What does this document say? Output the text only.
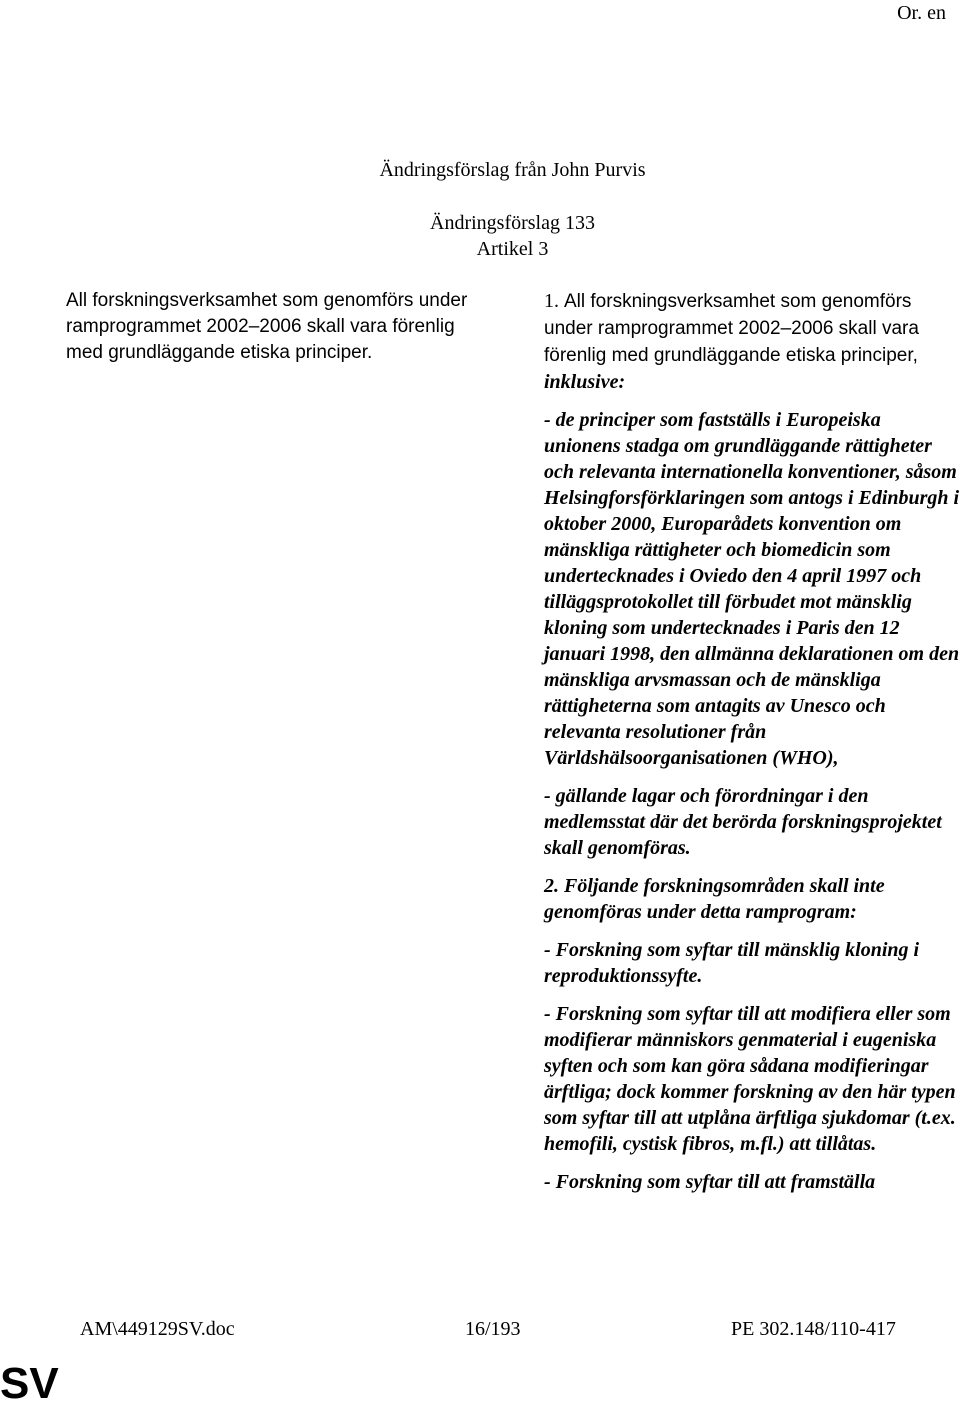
Or. en
Ändringsförslag från John Purvis
Ändringsförslag 133
Artikel 3

All forskningsverksamhet som genomförs under ramprogrammet 2002–2006 skall vara förenlig med grundläggande etiska principer.

1. All forskningsverksamhet som genomförs under ramprogrammet 2002–2006 skall vara förenlig med grundläggande etiska principer, inklusive:

- de principer som fastställs i Europeiska unionens stadga om grundläggande rättigheter och relevanta internationella konventioner, såsom Helsingforsförklaringen som antogs i Edinburgh i oktober 2000, Europarådets konvention om mänskliga rättigheter och biomedicin som undertecknades i Oviedo den 4 april 1997 och tilläggsprotokollet till förbudet mot mänsklig kloning som undertecknades i Paris den 12 januari 1998, den allmänna deklarationen om den mänskliga arvsmassan och de mänskliga rättigheterna som antagits av Unesco och relevanta resolutioner från Världshälsoorganisationen (WHO),

- gällande lagar och förordningar i den medlemsstat där det berörda forskningsprojektet skall genomföras.

2. Följande forskningsområden skall inte genomföras under detta ramprogram:

- Forskning som syftar till mänsklig kloning i reproduktionssyfte.

- Forskning som syftar till att modifiera eller som modifierar människors genmaterial i eugeniska syften och som kan göra sådana modifieringar ärftliga; dock kommer forskning av den här typen som syftar till att utplåna ärftliga sjukdomar (t.ex. hemofili, cystisk fibros, m.fl.) att tillåtas.

- Forskning som syftar till att framställa

AM\449129SV.doc	16/193	PE 302.148/110-417
SV
